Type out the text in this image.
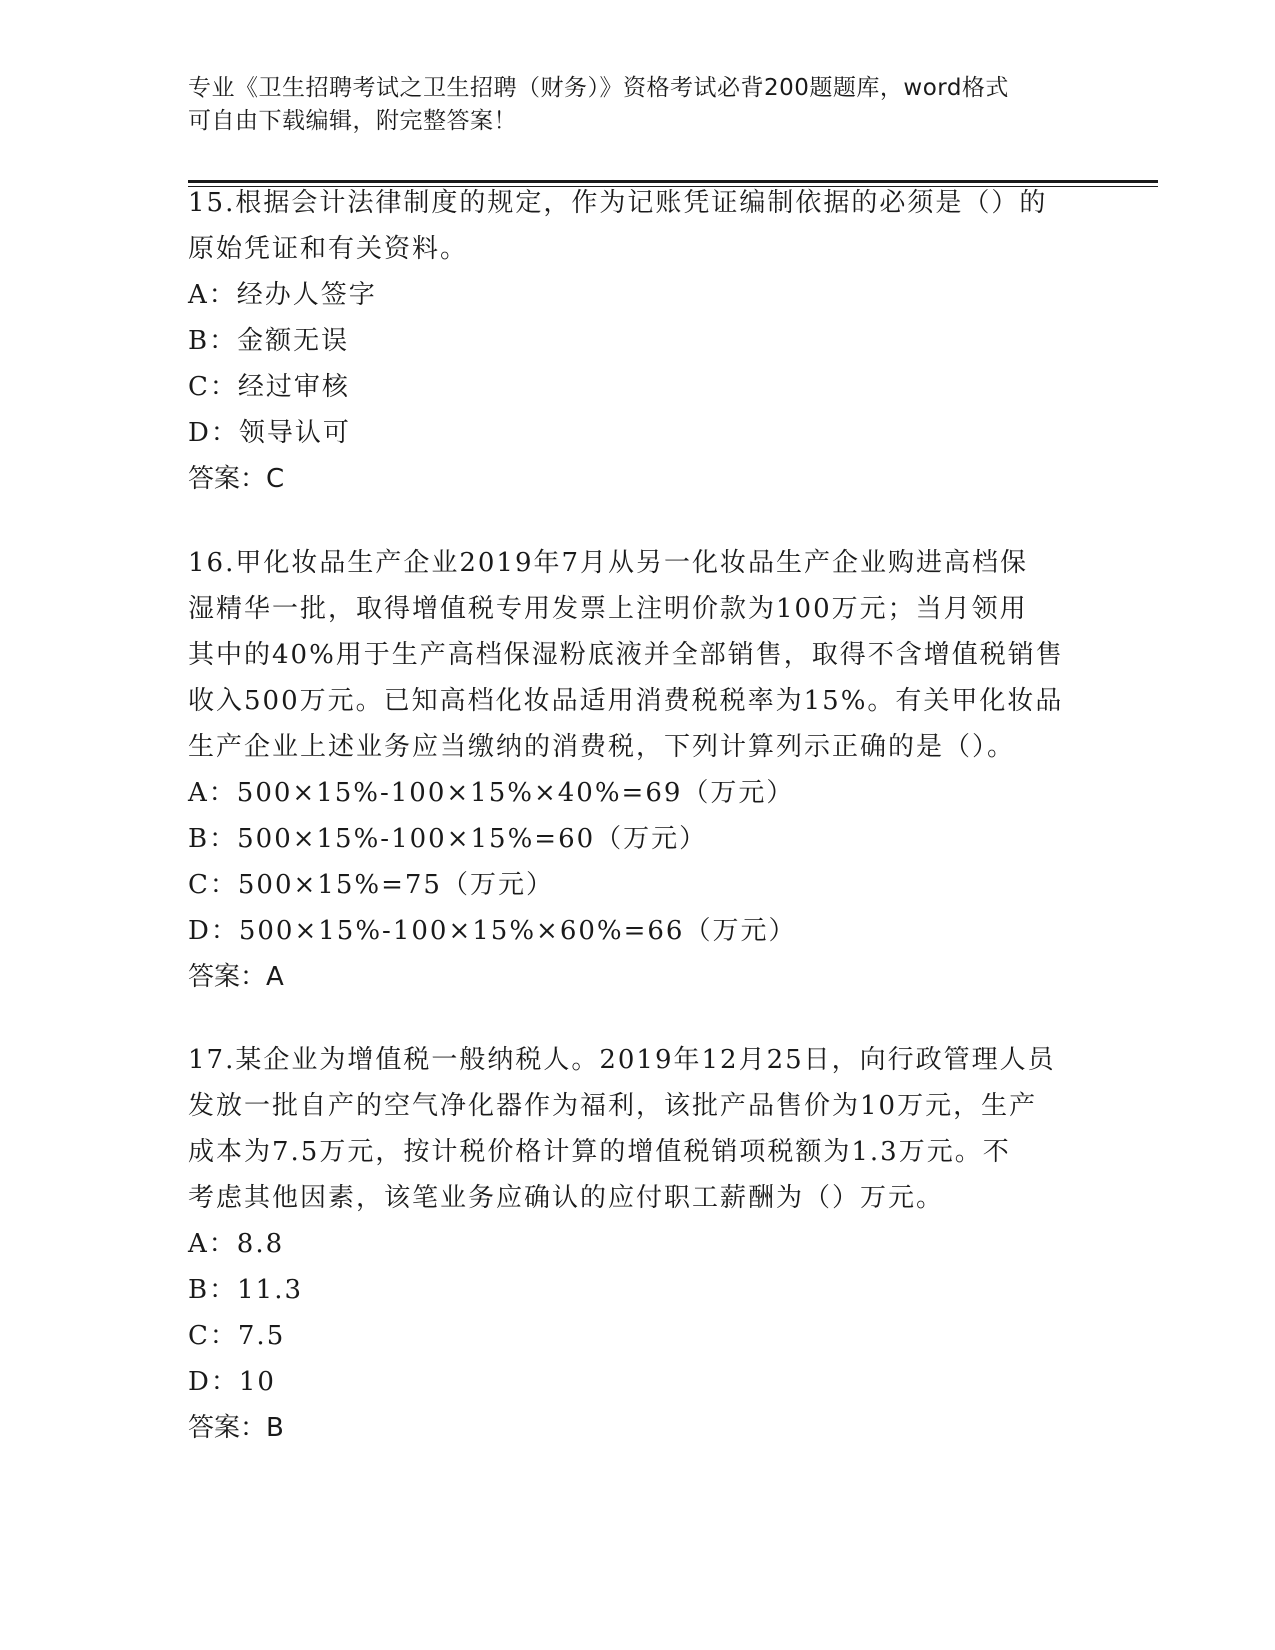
专业《卫生招聘考试之卫生招聘（财务）》资格考试必背200题题库，word格式
可自由下载编辑，附完整答案！
15.根据会计法律制度的规定，作为记账凭证编制依据的必须是（）的
原始凭证和有关资料。
A：经办人签字
B：金额无误
C：经过审核
D：领导认可
答案：C
16.甲化妆品生产企业2019年7月从另一化妆品生产企业购进高档保
湿精华一批，取得增值税专用发票上注明价款为100万元；当月领用
其中的40%用于生产高档保湿粉底液并全部销售，取得不含增值税销售
收入500万元。已知高档化妆品适用消费税税率为15%。有关甲化妆品
生产企业上述业务应当缴纳的消费税，下列计算列示正确的是（）。
A：500×15%-100×15%×40%=69（万元）
B：500×15%-100×15%=60（万元）
C：500×15%=75（万元）
D：500×15%-100×15%×60%=66（万元）
答案：A
17.某企业为增值税一般纳税人。2019年12月25日，向行政管理人员
发放一批自产的空气净化器作为福利，该批产品售价为10万元，生产
成本为7.5万元，按计税价格计算的增值税销项税额为1.3万元。不
考虑其他因素，该笔业务应确认的应付职工薪酬为（）万元。
A：8.8
B：11.3
C：7.5
D：10
答案：B
